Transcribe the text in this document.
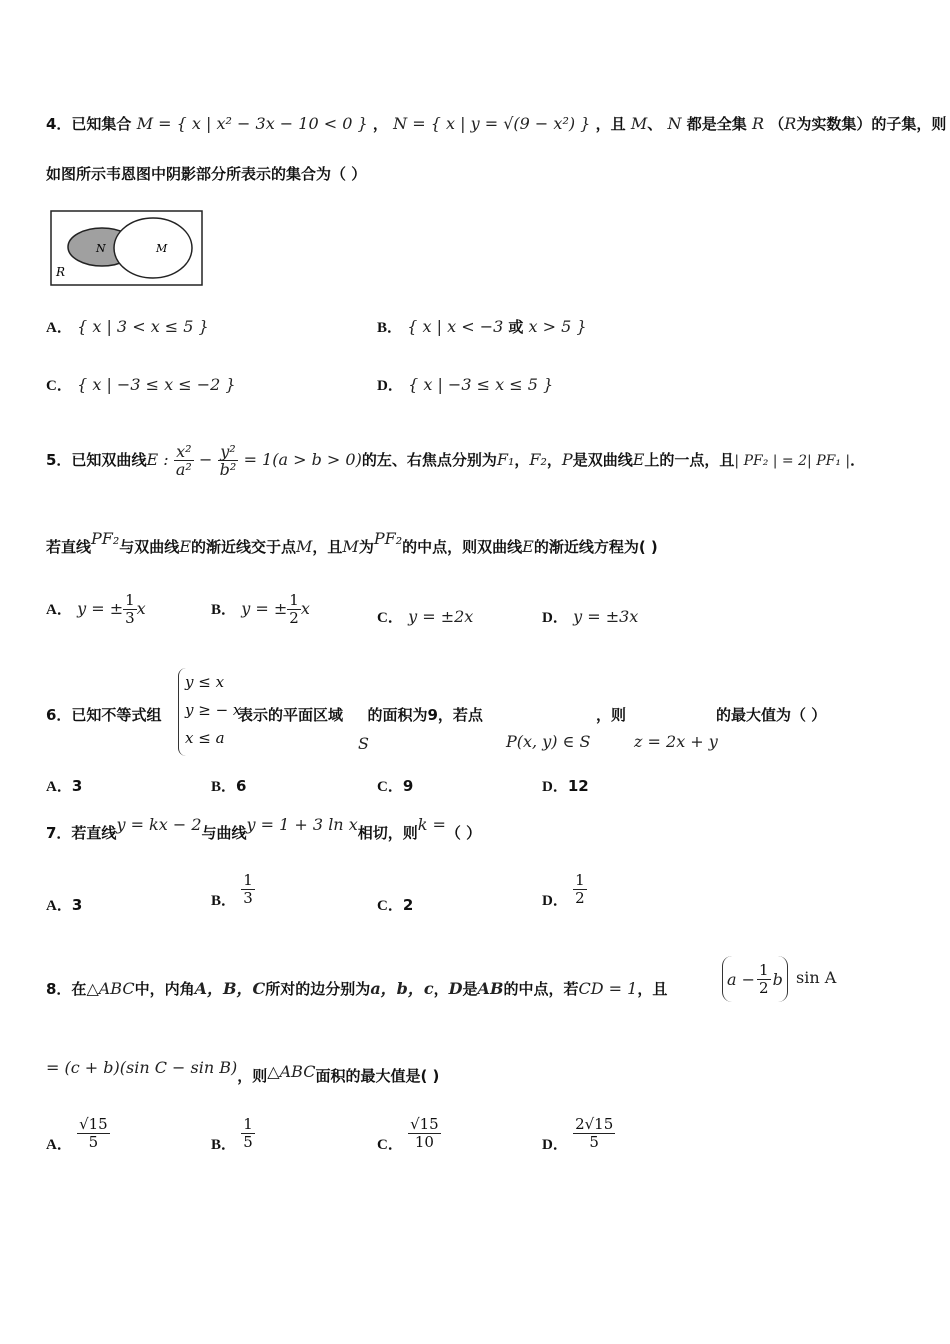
4．已知集合 M = { x | x² − 3x − 10 < 0 } ， N = { x | y = √(9 − x²) } ，且 M、 N 都是全集 R （R为实数集）的子集，则
如图所示韦恩图中阴影部分所表示的集合为（ ）
N	M
R
A． { x | 3 < x ≤ 5 }	B． { x | x < −3 或 x > 5 }
C． { x | −3 ≤ x ≤ −2 }	D． { x | −3 ≤ x ≤ 5 }
5．已知双曲线E : $\frac{\text{x²}}{\text{a²}} - \frac{\text{y²}}{\text{b²}} = 1(a > b > 0)$的左、右焦点分别为F₁，F₂，P是双曲线E上的一点，且| PF₂ | = 2| PF₁ |．
若直线PF₂与双曲线E的渐近线交于点M，且M为PF₂的中点，则双曲线E的渐近线方程为( )
A． y = ± $\frac{1}{3}$ x	B． y = ± $\frac{1}{2}$ x	C． y = ±2x	D． y = ±3x
6．已知不等式组
y ≤ x
y ≥ − x
x ≤ a
表示的平面区域 的面积为9，若点
S	P(x, y) ∈ S
，则
z = 2x + y
的最大值为（ ）
A．3	B．6	C．9	D．12
7．若直线y = kx − 2与曲线y = 1 + 3 ln x相切，则k =（ ）
A．3	B． $\frac{1}{3}$	C．2	D． $\frac{1}{2}$
8．在△ABC中，内角A，B，C所对的边分别为a，b，c，D是AB的中点，若CD = 1，且
$a - \frac{1}{2}$ b sin A
= (c + b)(sin C − sin B)，则△ABC面积的最大值是( )
A． $\frac{√15}{5}$	B． $\frac{1}{5}$	C． $\frac{√15}{10}$	D． $\frac{2√15}{5}$
